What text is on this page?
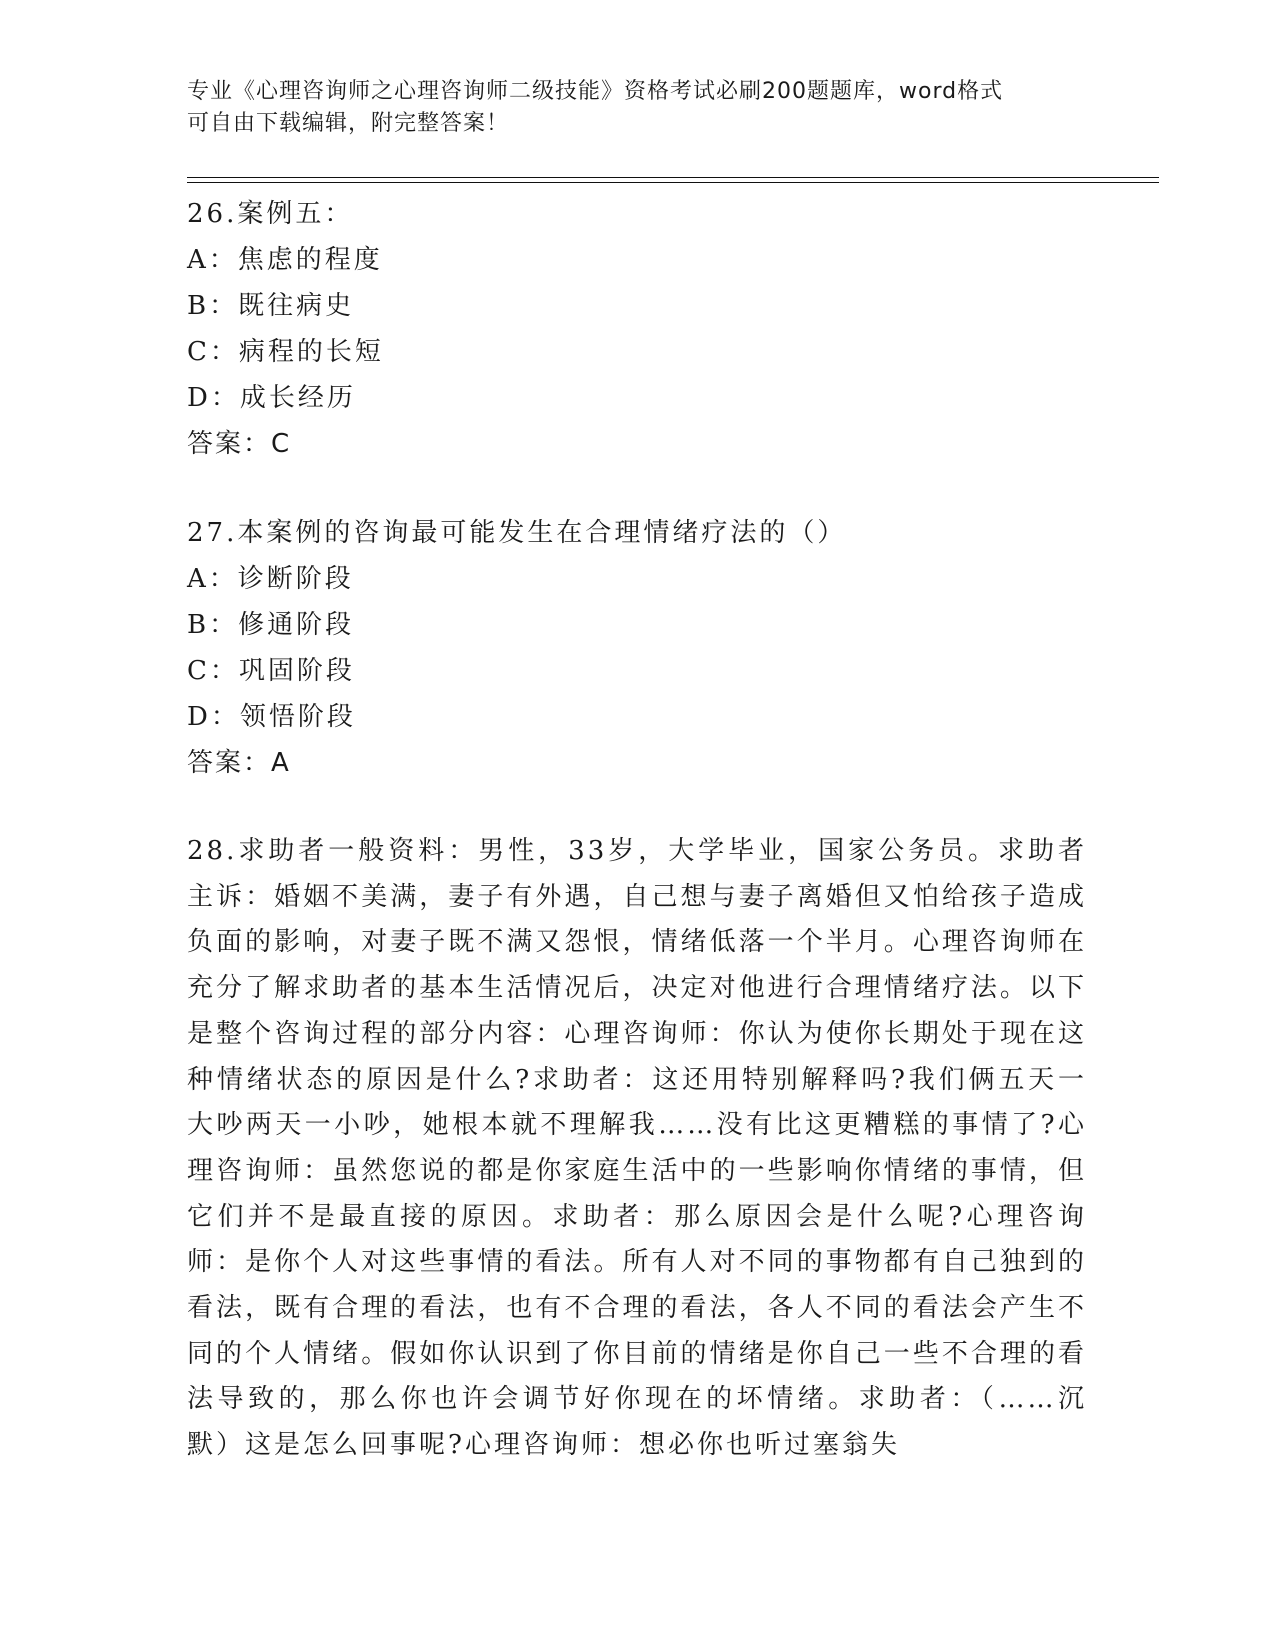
专业《心理咨询师之心理咨询师二级技能》资格考试必刷200题题库，word格式
可自由下载编辑，附完整答案！
26.案例五：
A：焦虑的程度
B：既往病史
C：病程的长短
D：成长经历
答案：C
27.本案例的咨询最可能发生在合理情绪疗法的（）
A：诊断阶段
B：修通阶段
C：巩固阶段
D：领悟阶段
答案：A
28.求助者一般资料：男性，33岁，大学毕业，国家公务员。求助者主诉：婚姻不美满，妻子有外遇，自己想与妻子离婚但又怕给孩子造成负面的影响，对妻子既不满又怨恨，情绪低落一个半月。心理咨询师在充分了解求助者的基本生活情况后，决定对他进行合理情绪疗法。以下是整个咨询过程的部分内容：心理咨询师：你认为使你长期处于现在这种情绪状态的原因是什么?求助者：这还用特别解释吗?我们俩五天一大吵两天一小吵，她根本就不理解我……没有比这更糟糕的事情了?心理咨询师：虽然您说的都是你家庭生活中的一些影响你情绪的事情，但它们并不是最直接的原因。求助者：那么原因会是什么呢?心理咨询师：是你个人对这些事情的看法。所有人对不同的事物都有自己独到的看法，既有合理的看法，也有不合理的看法，各人不同的看法会产生不同的个人情绪。假如你认识到了你目前的情绪是你自己一些不合理的看法导致的，那么你也许会调节好你现在的坏情绪。求助者：（……沉默）这是怎么回事呢?心理咨询师：想必你也听过塞翁失
